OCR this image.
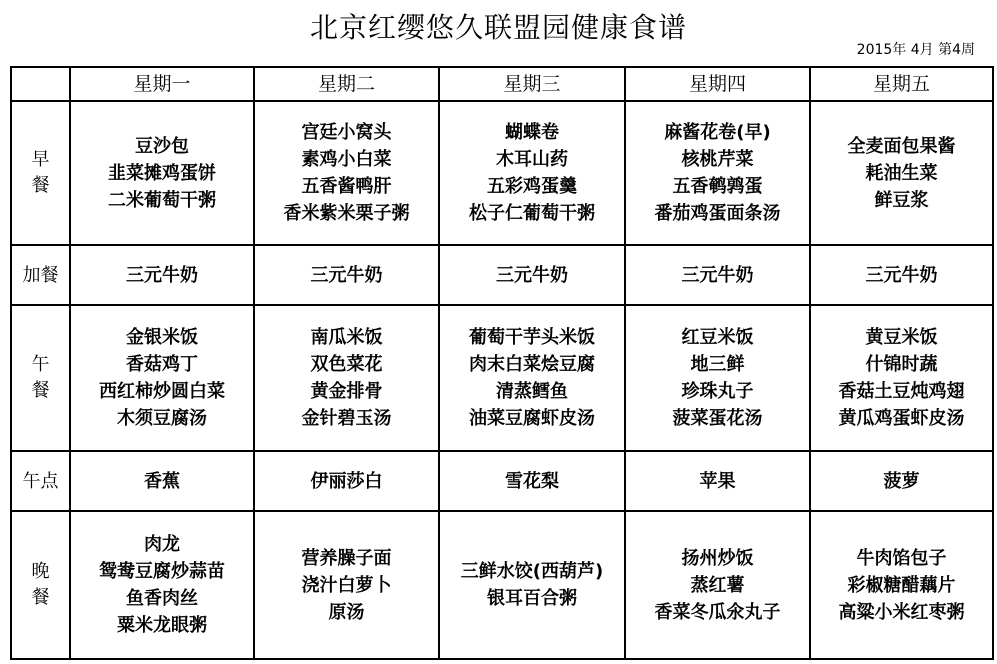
北京红缨悠久联盟园健康食谱
2015年 4月 第4周
	星期一	星期二	星期三	星期四	星期五

早
餐	豆沙包
韭菜摊鸡蛋饼
二米葡萄干粥	宫廷小窝头
素鸡小白菜
五香酱鸭肝
香米紫米栗子粥	蝴蝶卷
木耳山药
五彩鸡蛋羹
松子仁葡萄干粥	麻酱花卷(早)
核桃芹菜
五香鹌鹑蛋
番茄鸡蛋面条汤	全麦面包果酱
耗油生菜
鲜豆浆

加餐	三元牛奶	三元牛奶	三元牛奶	三元牛奶	三元牛奶

午
餐	金银米饭
香菇鸡丁
西红柿炒圆白菜
木须豆腐汤	南瓜米饭
双色菜花
黄金排骨
金针碧玉汤	葡萄干芋头米饭
肉末白菜烩豆腐
清蒸鳕鱼
油菜豆腐虾皮汤	红豆米饭
地三鲜
珍珠丸子
菠菜蛋花汤	黄豆米饭
什锦时蔬
香菇土豆炖鸡翅
黄瓜鸡蛋虾皮汤

午点	香蕉	伊丽莎白	雪花梨	苹果	菠萝

晚
餐	肉龙
鸳鸯豆腐炒蒜苗
鱼香肉丝
粟米龙眼粥	营养臊子面
浇汁白萝卜
原汤	三鲜水饺(西葫芦)
银耳百合粥	扬州炒饭
蒸红薯
香菜冬瓜氽丸子	牛肉馅包子
彩椒糖醋藕片
高粱小米红枣粥
